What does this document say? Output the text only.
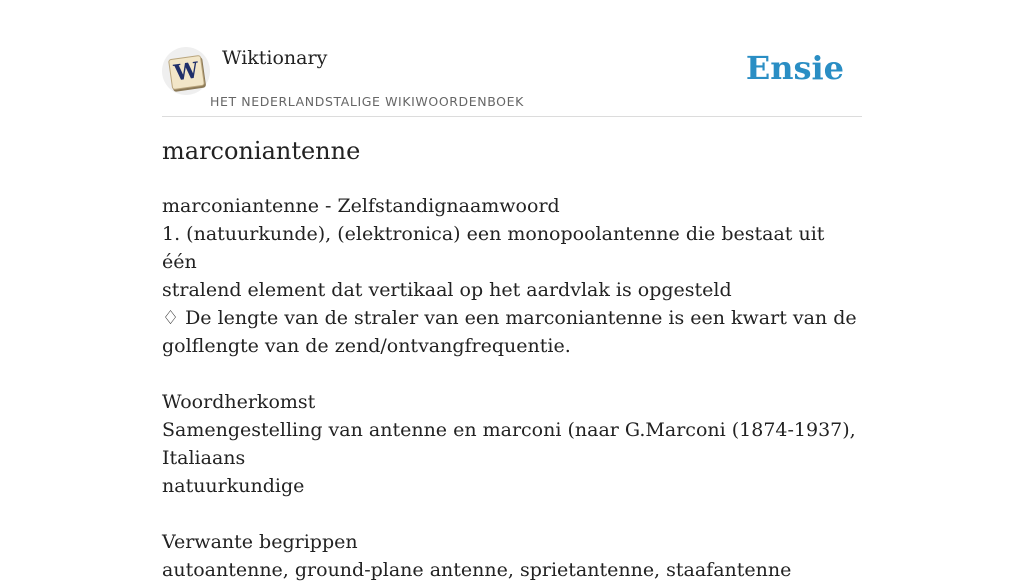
W Wiktionary
HET NEDERLANDSTALIGE WIKIWOORDENBOEK
Ensie
marconiantenne
marconiantenne - Zelfstandignaamwoord
1. (natuurkunde), (elektronica) een monopoolantenne die bestaat uit één
stralend element dat vertikaal op het aardvlak is opgesteld
♢ De lengte van de straler van een marconiantenne is een kwart van de
golflengte van de zend/ontvangfrequentie.
Woordherkomst
Samengestelling van antenne en marconi (naar G.Marconi (1874-1937), Italiaans
natuurkundige
Verwante begrippen
autoantenne, ground-plane antenne, sprietantenne, staafantenne
